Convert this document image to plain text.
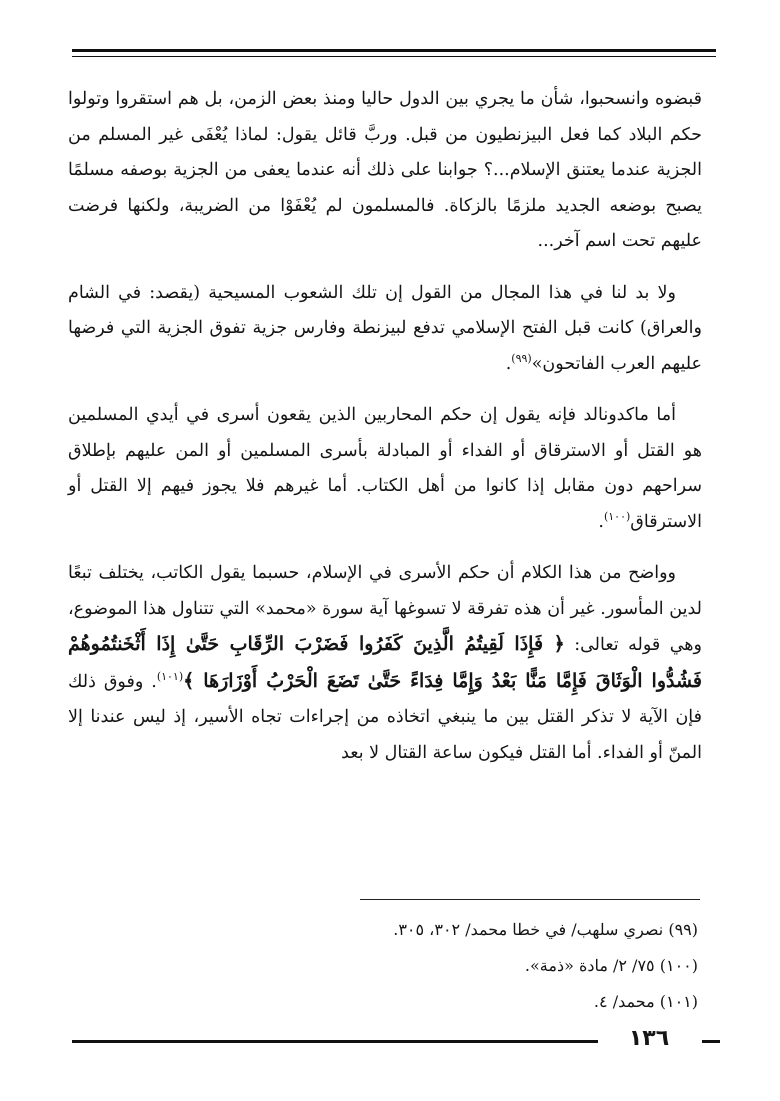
قبضوه وانسحبوا، شأن ما يجري بين الدول حاليا ومنذ بعض الزمن، بل هم استقروا وتولوا حكم البلاد كما فعل البيزنطيون من قبل. وربَّ قائل يقول: لماذا يُعْفَى غير المسلم من الجزية عندما يعتنق الإسلام...؟ جوابنا على ذلك أنه عندما يعفى من الجزية بوصفه مسلمًا يصبح بوضعه الجديد ملزمًا بالزكاة. فالمسلمون لم يُعْفَوْا من الضريبة، ولكنها فرضت عليهم تحت اسم آخر...

ولا بد لنا في هذا المجال من القول إن تلك الشعوب المسيحية (يقصد: في الشام والعراق) كانت قبل الفتح الإسلامي تدفع لبيزنطة وفارس جزية تفوق الجزية التي فرضها عليهم العرب الفاتحون»$^{(٩٩)}$.

أما ماكدونالد فإنه يقول إن حكم المحاربين الذين يقعون أسرى في أيدي المسلمين هو القتل أو الاسترقاق أو الفداء أو المبادلة بأسرى المسلمين أو المن عليهم بإطلاق سراحهم دون مقابل إذا كانوا من أهل الكتاب. أما غيرهم فلا يجوز فيهم إلا القتل أو الاسترقاق$^{(١٠٠)}$.

وواضح من هذا الكلام أن حكم الأسرى في الإسلام، حسبما يقول الكاتب، يختلف تبعًا لدين المأسور. غير أن هذه تفرقة لا تسوغها آية سورة «محمد» التي تتناول هذا الموضوع، وهي قوله تعالى: ﴿ فَإِذَا لَقِيتُمُ الَّذِينَ كَفَرُوا فَضَرْبَ الرِّقَابِ حَتَّىٰ إِذَا أَثْخَنتُمُوهُمْ فَشُدُّوا الْوَثَاقَ فَإِمَّا مَنًّا بَعْدُ وَإِمَّا فِدَاءً حَتَّىٰ تَضَعَ الْحَرْبُ أَوْزَارَهَا ﴾$^{(١٠١)}$. وفوق ذلك فإن الآية لا تذكر القتل بين ما ينبغي اتخاذه من إجراءات تجاه الأسير، إذ ليس عندنا إلا المنّ أو الفداء. أما القتل فيكون ساعة القتال لا بعد

(٩٩) نصري سلهب/ في خطا محمد/ ٣٠٢، ٣٠٥.
(١٠٠) ٧٥/ ٢/ مادة «ذمة».
(١٠١) محمد/ ٤.
١٣٦
